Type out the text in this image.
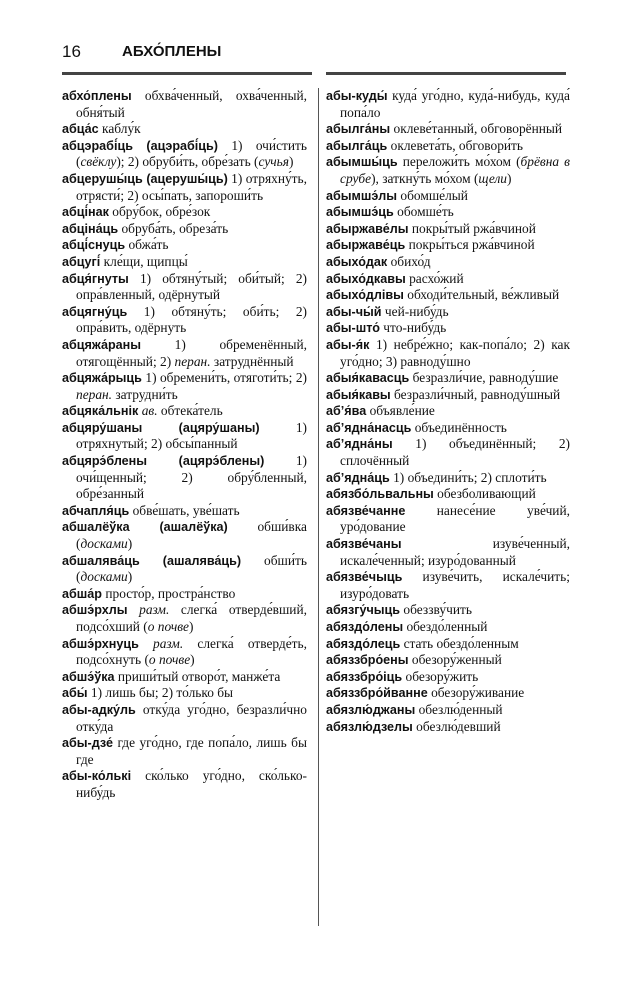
16	АБХО́ПЛЕНЫ

абхо́плены обхва́ченный, охва́ченный, обня́тый

абца́с каблу́к

абцэрабі́ць (ацэрабі́ць) 1) очи́стить (свёклу); 2) обруби́ть, обре́зать (сучья)

абцерушы́ць (ацерушы́ць) 1) отряхну́ть, отрясти́; 2) осы́пать, запороши́ть

абці́нак обру́бок, обре́зок

абціна́ць обруба́ть, обреза́ть

абці́снуць обжа́ть

абцугі́ кле́щи, щипцы́

абця́гнуты 1) обтяну́тый; оби́тый; 2) опра́вленный, одёрнутый

абцягну́ць 1) обтяну́ть; оби́ть; 2) опра́вить, одёрнуть

абцяжа́раны 1) обременённый, отягощённый; 2) перан. затруднённый

абцяжа́рыць 1) обремени́ть, отяготи́ть; 2) перан. затрудни́ть

абцяка́льнік ав. обтека́тель

абцяру́шаны (ацяру́шаны) 1) отряхнутый; 2) обсы́панный

абцярэ́блены (ацярэ́блены) 1) очи́щенный; 2) обру́бленный, обре́занный

абчапля́ць обве́шать, уве́шать

абшалёўка (ашалёўка) обши́вка (досками)

абшалява́ць (ашалява́ць) обши́ть (досками)

абша́р просто́р, простра́нство

абшэ́рхлы разм. слегка́ отверде́вший, подсо́хший (о почве)

абшэ́рхнуць разм. слегка́ отверде́ть, подсо́хнуть (о почве)

абшэ́ўка приши́тый отворо́т, манже́та

абы́ 1) лишь бы; 2) то́лько бы

абы-адку́ль отку́да уго́дно, безразли́чно отку́да

абы-дзе́ где уго́дно, где попа́ло, лишь бы где

абы-ко́лькі ско́лько уго́дно, ско́лько-нибу́дь

абы-куды́ куда́ уго́дно, куда́-нибудь, куда́ попа́ло

абылга́ны оклеве́танный, обговорённый

абылга́ць оклевета́ть, обговори́ть

абымшы́ць переложи́ть мо́хом (брёвна в срубе), заткну́ть мо́хом (щели)

абымшэ́лы обомше́лый

абымшэ́ць обомше́ть

абыржаве́лы покры́тый ржа́вчиной

абыржаве́ць покры́ться ржа́вчиной

абыхо́дак обихо́д

абыхо́дкавы расхо́жий

абыхо́длівы обходи́тельный, ве́жливый

абы-чы́й чей-нибу́дь

абы-што́ что-нибу́дь

абы-я́к 1) небре́жно; как-попа́ло; 2) как уго́дно; 3) равноду́шно

абыя́кавасць безразли́чие, равноду́шие

абыя́кавы безразли́чный, равноду́шный

аб’я́ва объявле́ние

аб’ядна́насць объединённость

аб’ядна́ны 1) объединённый; 2) сплочённый

аб’ядна́ць 1) объедини́ть; 2) сплоти́ть

абязбо́львальны обезболивающий

абязве́чанне нанесе́ние уве́чий, уро́дование

абязве́чаны изуве́ченный, искале́ченный; изуро́дованный

абязве́чыць изуве́чить, искале́чить; изуро́довать

абязгу́чыць обеззву́чить

абяздо́лены обездо́ленный

абяздо́лець стать обездо́ленным

абяззбро́ены обезору́женный

абяззбро́іць обезору́жить

абяззбро́йванне обезору́живание

абязлю́джаны обезлю́денный

абязлю́дзелы обезлю́девший
